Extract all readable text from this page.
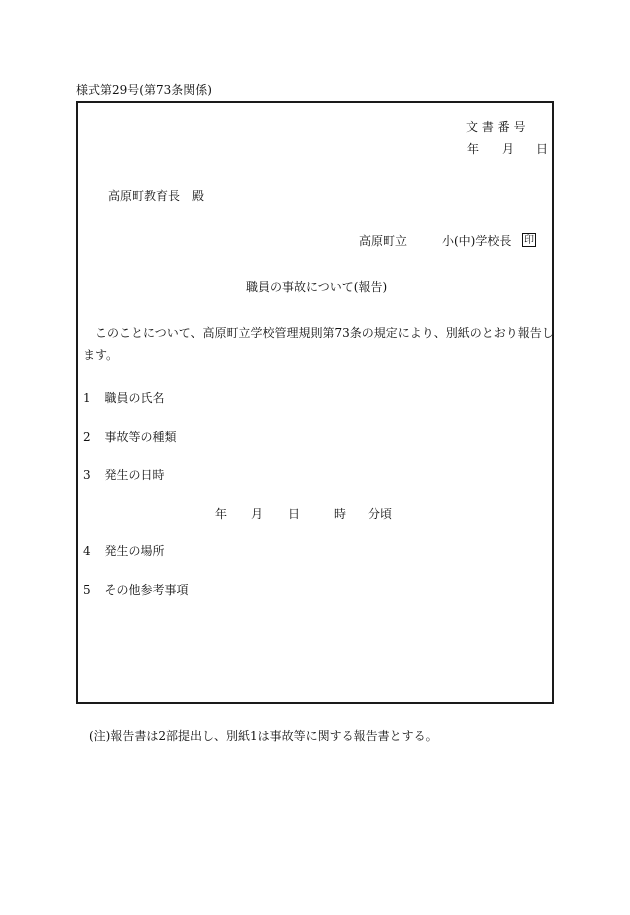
様式第29号(第73条関係)
文 書 番 号
年 月 日
高原町教育長　殿
高原町立	小(中)学校長 印
職員の事故について(報告)
このことについて、高原町立学校管理規則第73条の規定により、別紙のとおり報告し
ます。
1 職員の氏名
2 事故等の種類
3 発生の日時
年 月 日	時 分頃
4 発生の場所
5 その他参考事項
(注)報告書は2部提出し、別紙1は事故等に関する報告書とする。
